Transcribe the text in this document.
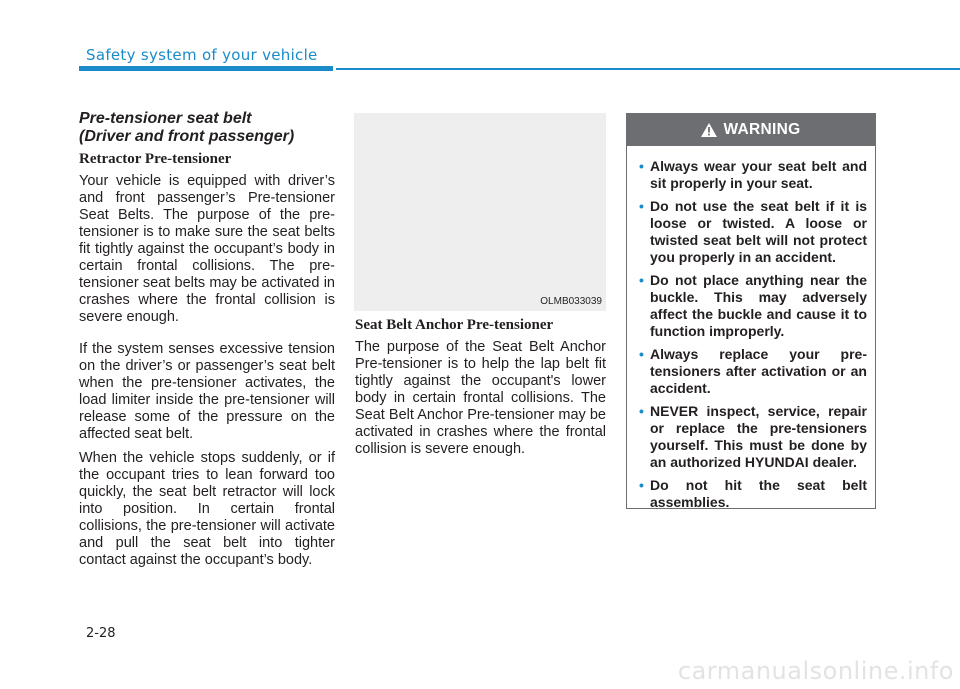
Safety system of your vehicle

Pre-tensioner seat belt
(Driver and front passenger)

Retractor Pre-tensioner

Your vehicle is equipped with driver’s and front passenger’s Pre-tensioner Seat Belts. The purpose of the pre-tensioner is to make sure the seat belts fit tightly against the occupant’s body in certain frontal collisions. The pre-tensioner seat belts may be activated in crashes where the frontal collision is severe enough.

If the system senses excessive tension on the driver’s or passenger’s seat belt when the pre-tensioner activates, the load limiter inside the pre-tensioner will release some of the pressure on the affected seat belt.

When the vehicle stops suddenly, or if the occupant tries to lean forward too quickly, the seat belt retractor will lock into position. In certain frontal collisions, the pre-tensioner will activate and pull the seat belt into tighter contact against the occupant’s body.

OLMB033039

Seat Belt Anchor Pre-tensioner

The purpose of the Seat Belt Anchor Pre-tensioner is to help the lap belt fit tightly against the occupant's lower body in certain frontal collisions. The Seat Belt Anchor Pre-tensioner may be activated in crashes where the frontal collision is severe enough.

WARNING
• Always wear your seat belt and sit properly in your seat.
• Do not use the seat belt if it is loose or twisted. A loose or twisted seat belt will not protect you properly in an accident.
• Do not place anything near the buckle. This may adversely affect the buckle and cause it to function improperly.
• Always replace your pre-tensioners after activation or an accident.
• NEVER inspect, service, repair or replace the pre-tensioners yourself. This must be done by an authorized HYUNDAI dealer.
• Do not hit the seat belt assemblies.
2-28
carmanualsonline.info
